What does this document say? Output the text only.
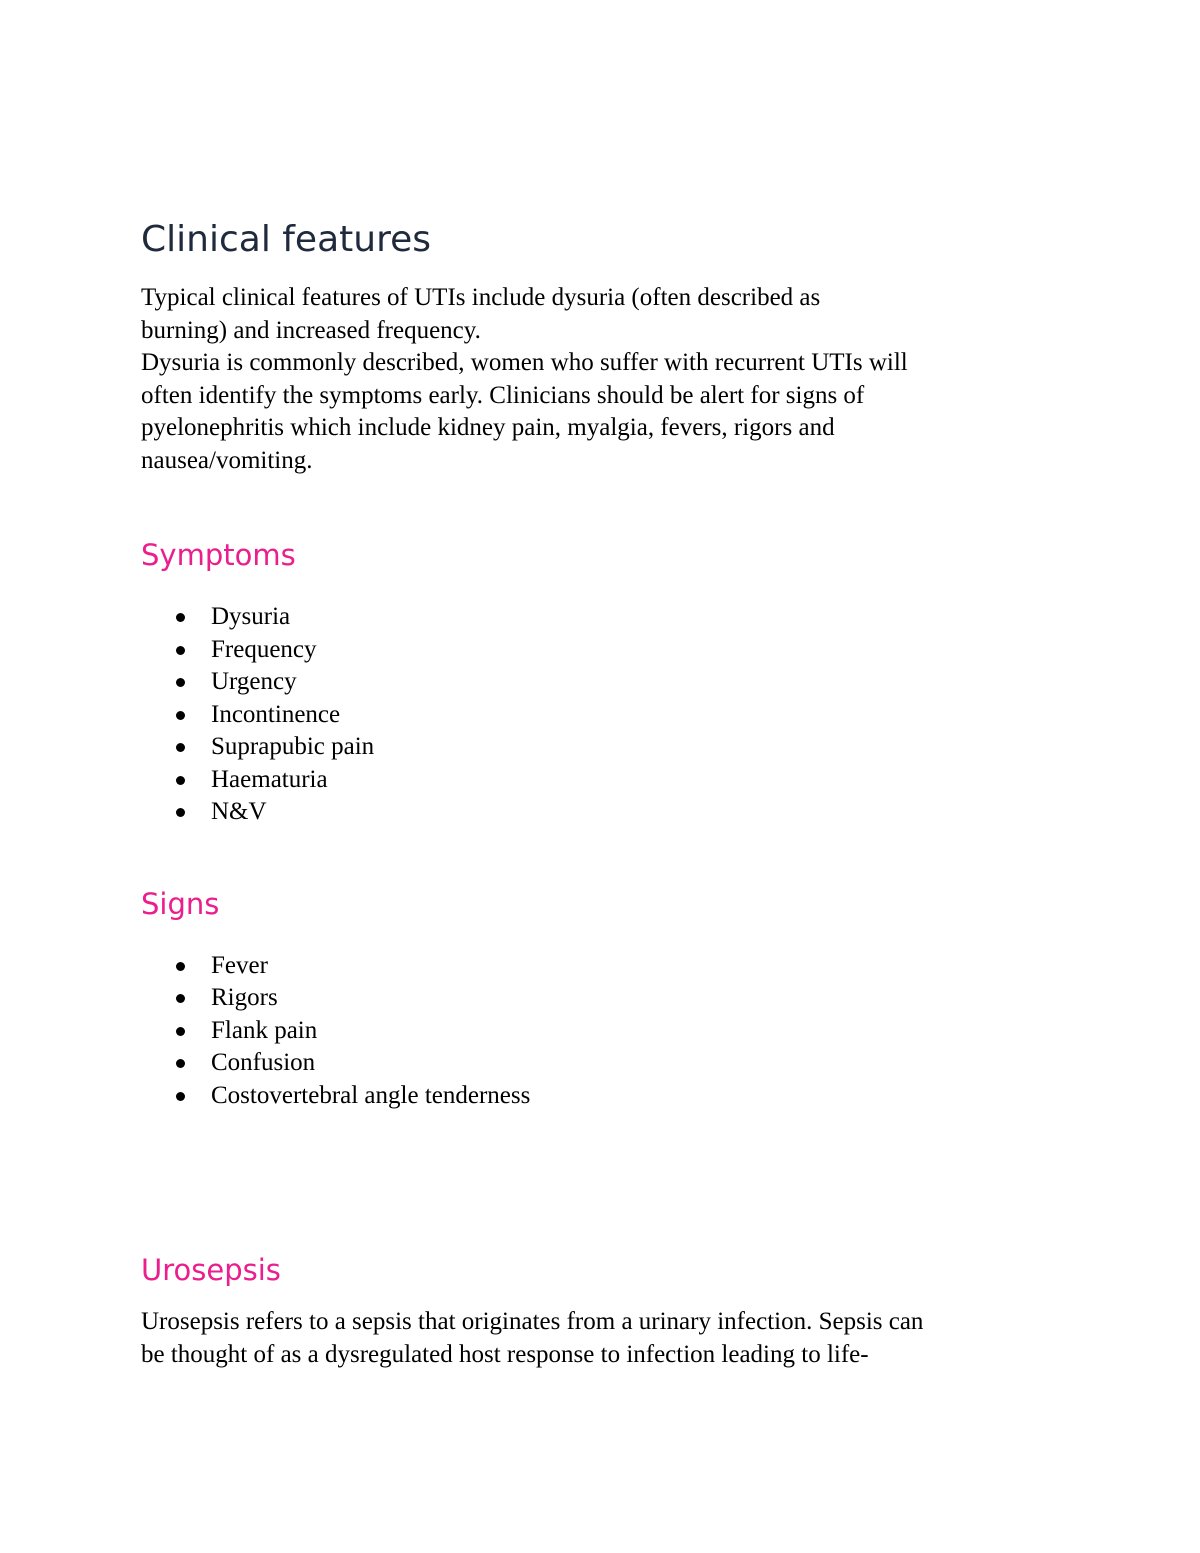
Clinical features
Typical clinical features of UTIs include dysuria (often described as
burning) and increased frequency.
Dysuria is commonly described, women who suffer with recurrent UTIs will
often identify the symptoms early. Clinicians should be alert for signs of
pyelonephritis which include kidney pain, myalgia, fevers, rigors and
nausea/vomiting.
Symptoms
Dysuria
Frequency
Urgency
Incontinence
Suprapubic pain
Haematuria
N&V
Signs
Fever
Rigors
Flank pain
Confusion
Costovertebral angle tenderness
Urosepsis
Urosepsis refers to a sepsis that originates from a urinary infection. Sepsis can
be thought of as a dysregulated host response to infection leading to life-
